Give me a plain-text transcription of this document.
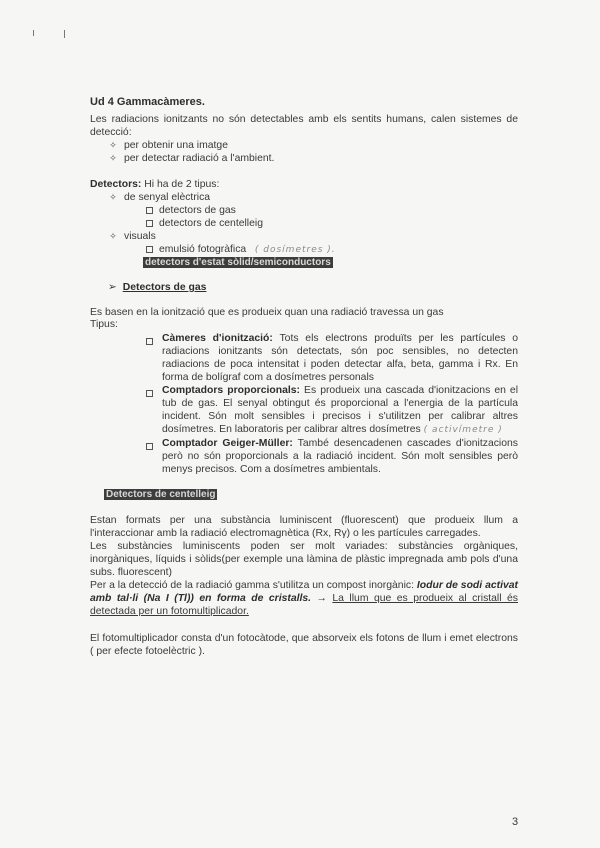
Ud 4 Gammacàmeres.

Les radiacions ionitzants no són detectables amb els sentits humans, calen sistemes de detecció:

✧ per obtenir una imatge

✧ per detectar radiació a l'ambient.

Detectors: Hi ha de 2 tipus:

✧ de senyal elèctrica

detectors de gas

detectors de centelleig

✧ visuals

emulsió fotogràfica ( dosímetres ).

detectors d'estat sòlid/semiconductors

➢ Detectors de gas

Es basen en la ionització que es produeix quan una radiació travessa un gas

Tipus:

Càmeres d'ionització: Tots els electrons produïts per les partícules o radiacions ionitzants són detectats, són poc sensibles, no detecten radiacions de poca intensitat i poden detectar alfa, beta, gamma i Rx. En forma de bolígraf com a dosímetres personals
Comptadors proporcionals: Es produeix una cascada d'ionitzacions en el tub de gas. El senyal obtingut és proporcional a l'energia de la partícula incident. Són molt sensibles i precisos i s'utilitzen per calibrar altres dosímetres. En laboratoris per calibrar altres dosímetres ( activímetre )
Comptador Geiger-Müller: També desencadenen cascades d'ionitzacions però no són proporcionals a la radiació incident. Són molt sensibles però menys precisos. Com a dosímetres ambientals.

Detectors de centelleig

Estan formats per una substància luminiscent (fluorescent) que produeix llum a l'interaccionar amb la radiació electromagnètica (Rx, Rγ) o les partícules carregades.

Les substàncies luminiscents poden ser molt variades: substàncies orgàniques, inorgàniques, líquids i sòlids(per exemple una làmina de plàstic impregnada amb pols d'una subs. fluorescent)

Per a la detecció de la radiació gamma s'utilitza un compost inorgànic: Iodur de sodi activat amb tal·li (Na I (Tl)) en forma de cristalls. → La llum que es produeix al cristall és detectada per un fotomultiplicador.

El fotomultiplicador consta d'un fotocàtode, que absorveix els fotons de llum i emet electrons ( per efecte fotoelèctric ).

3
